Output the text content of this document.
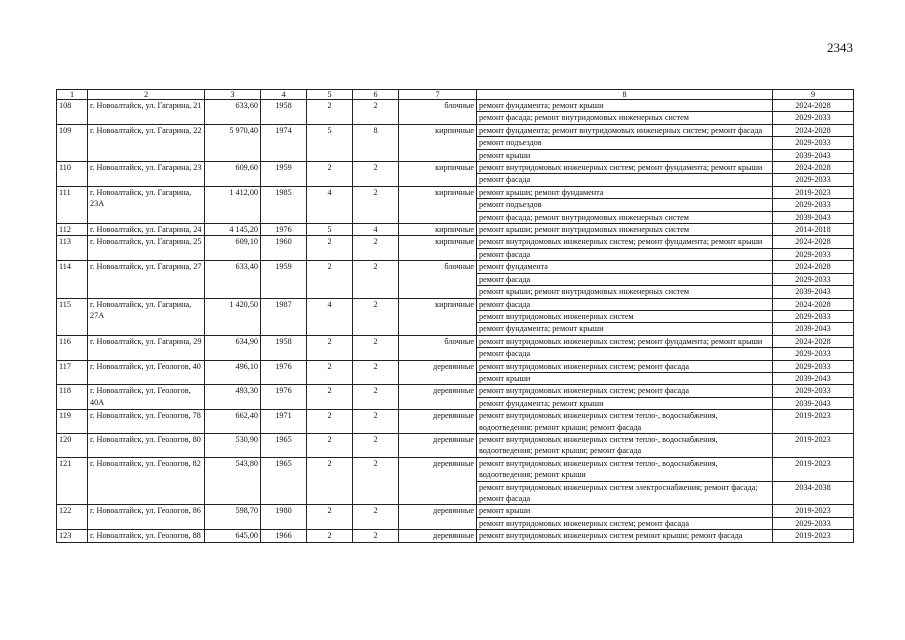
2343
1	2	3	4	5	6	7	8	9
108	г. Новоалтайск, ул. Гагарина, 21	633,60	1958	2	2	блочные	ремонт фундамента; ремонт крыши	2024-2028
							ремонт фасада; ремонт внутридомовых инженерных систем	2029-2033
109	г. Новоалтайск, ул. Гагарина, 22	5 970,40	1974	5	8	кирпичные	ремонт фундамента; ремонт внутридомовых инженерных систем; ремонт фасада	2024-2028
							ремонт подъездов	2029-2033
							ремонт крыши	2039-2043
110	г. Новоалтайск, ул. Гагарина, 23	609,60	1959	2	2	кирпичные	ремонт внутридомовых инженерных систем; ремонт фундамента; ремонт крыши	2024-2028
							ремонт фасада	2029-2033
111	г. Новоалтайск, ул. Гагарина, 23А	1 412,00	1985	4	2	кирпичные	ремонт крыши; ремонт фундамента	2019-2023
							ремонт подъездов	2029-2033
							ремонт фасада; ремонт внутридомовых инженерных систем	2039-2043
112	г. Новоалтайск, ул. Гагарина, 24	4 145,20	1976	5	4	кирпичные	ремонт крыши; ремонт внутридомовых инженерных систем	2014-2018
113	г. Новоалтайск, ул. Гагарина, 25	609,10	1960	2	2	кирпичные	ремонт внутридомовых инженерных систем; ремонт фундамента; ремонт крыши	2024-2028
							ремонт фасада	2029-2033
114	г. Новоалтайск, ул. Гагарина, 27	633,40	1959	2	2	блочные	ремонт фундамента	2024-2028
							ремонт фасада	2029-2033
							ремонт крыши; ремонт внутридомовых инженерных систем	2039-2043
115	г. Новоалтайск, ул. Гагарина, 27А	1 420,50	1987	4	2	кирпичные	ремонт фасада	2024-2028
							ремонт внутридомовых инженерных систем	2029-2033
							ремонт фундамента; ремонт крыши	2039-2043
116	г. Новоалтайск, ул. Гагарина, 29	634,90	1958	2	2	блочные	ремонт внутридомовых инженерных систем; ремонт фундамента; ремонт крыши	2024-2028
							ремонт фасада	2029-2033
117	г. Новоалтайск, ул. Геологов, 40	496,10	1976	2	2	деревянные	ремонт внутридомовых инженерных систем; ремонт фасада	2029-2033
							ремонт крыши	2039-2043
118	г. Новоалтайск, ул. Геологов, 40А	493,30	1976	2	2	деревянные	ремонт внутридомовых инженерных систем; ремонт фасада	2029-2033
							ремонт фундамента; ремонт крыши	2039-2043
119	г. Новоалтайск, ул. Геологов, 78	662,40	1971	2	2	деревянные	ремонт внутридомовых инженерных систем тепло-, водоснабжения, водоотведения; ремонт крыши; ремонт фасада	2019-2023
120	г. Новоалтайск, ул. Геологов, 80	530,90	1965	2	2	деревянные	ремонт внутридомовых инженерных систем тепло-, водоснабжения, водоотведения; ремонт крыши; ремонт фасада	2019-2023
121	г. Новоалтайск, ул. Геологов, 82	543,80	1965	2	2	деревянные	ремонт внутридомовых инженерных систем тепло-, водоснабжения, водоотведения; ремонт крыши	2019-2023
							ремонт внутридомовых инженерных систем электроснабжения; ремонт фасада; ремонт фасада	2034-2038
122	г. Новоалтайск, ул. Геологов, 86	598,70	1980	2	2	деревянные	ремонт крыши	2019-2023
							ремонт внутридомовых инженерных систем; ремонт фасада	2029-2033
123	г. Новоалтайск, ул. Геологов, 88	645,00	1966	2	2	деревянные	ремонт внутридомовых инженерных систем ремонт крыши; ремонт фасада	2019-2023
